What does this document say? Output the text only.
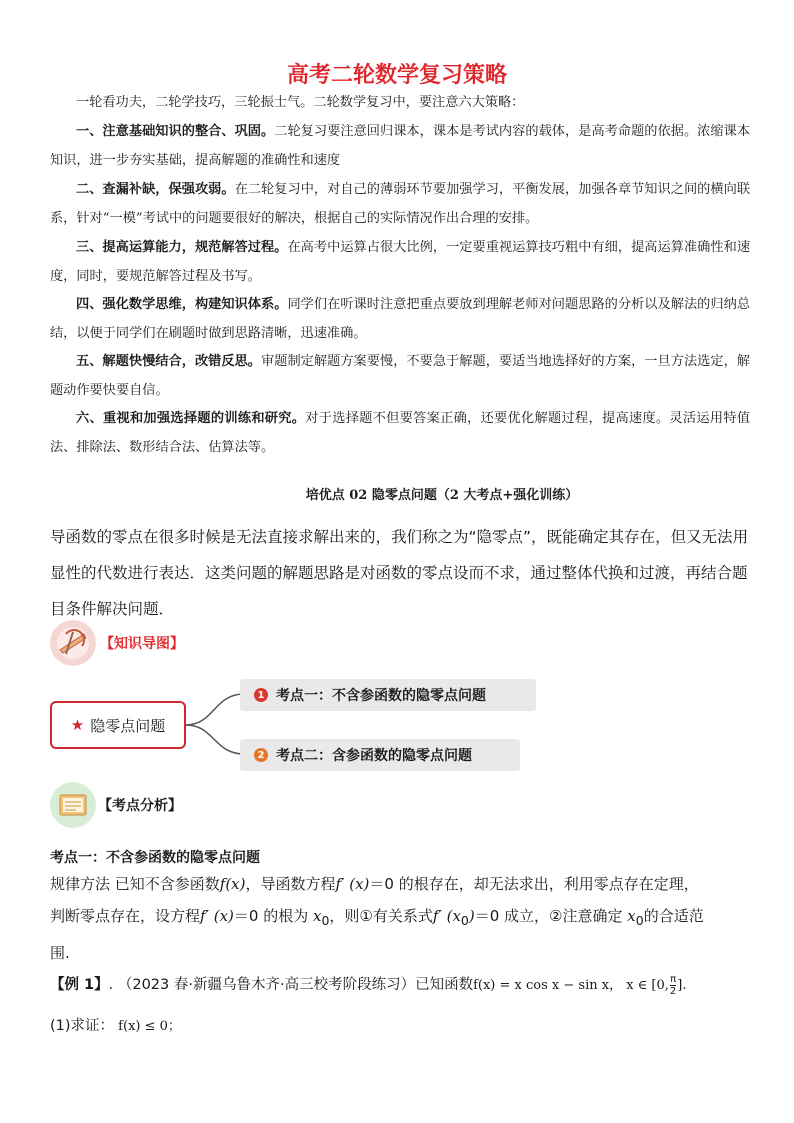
高考二轮数学复习策略
一轮看功夫，二轮学技巧，三轮振士气。二轮数学复习中，要注意六大策略：
一、注意基础知识的整合、巩固。二轮复习要注意回归课本，课本是考试内容的载体，是高考命题的依据。浓缩课本知识，进一步夯实基础，提高解题的准确性和速度
二、查漏补缺，保强攻弱。在二轮复习中，对自己的薄弱环节要加强学习，平衡发展，加强各章节知识之间的横向联系，针对“一模”考试中的问题要很好的解决，根据自己的实际情况作出合理的安排。
三、提高运算能力，规范解答过程。在高考中运算占很大比例，一定要重视运算技巧粗中有细，提高运算准确性和速度，同时，要规范解答过程及书写。
四、强化数学思维，构建知识体系。同学们在听课时注意把重点要放到理解老师对问题思路的分析以及解法的归纳总结，以便于同学们在刷题时做到思路清晰，迅速准确。
五、解题快慢结合，改错反思。审题制定解题方案要慢，不要急于解题，要适当地选择好的方案，一旦方法选定，解题动作要快要自信。
六、重视和加强选择题的训练和研究。对于选择题不但要答案正确，还要优化解题过程，提高速度。灵活运用特值法、排除法、数形结合法、估算法等。
培优点 02 隐零点问题（2 大考点+强化训练）
导函数的零点在很多时候是无法直接求解出来的，我们称之为“隐零点”，既能确定其存在，但又无法用显性的代数进行表达．这类问题的解题思路是对函数的零点设而不求，通过整体代换和过渡，再结合题目条件解决问题．
【知识导图】
★ 隐零点问题
1 考点一：不含参函数的隐零点问题
2 考点二：含参函数的隐零点问题
【考点分析】
考点一：不含参函数的隐零点问题
规律方法 已知不含参函数f(x)，导函数方程f′ (x)＝0 的根存在，却无法求出，利用零点存在定理，
判断零点存在，设方程f′ (x)＝0 的根为 $x_0$，则①有关系式f′ $(x_0)=0$ 成立，②注意确定 $x_0$的合适范
围.
【例 1】. （2023 春·新疆乌鲁木齐·高三校考阶段练习）已知函数f(x) = x cos x − sin x， x ∈ [0, $\frac{\pi}{2}$ ].
(1)求证： f(x) ≤ 0；
